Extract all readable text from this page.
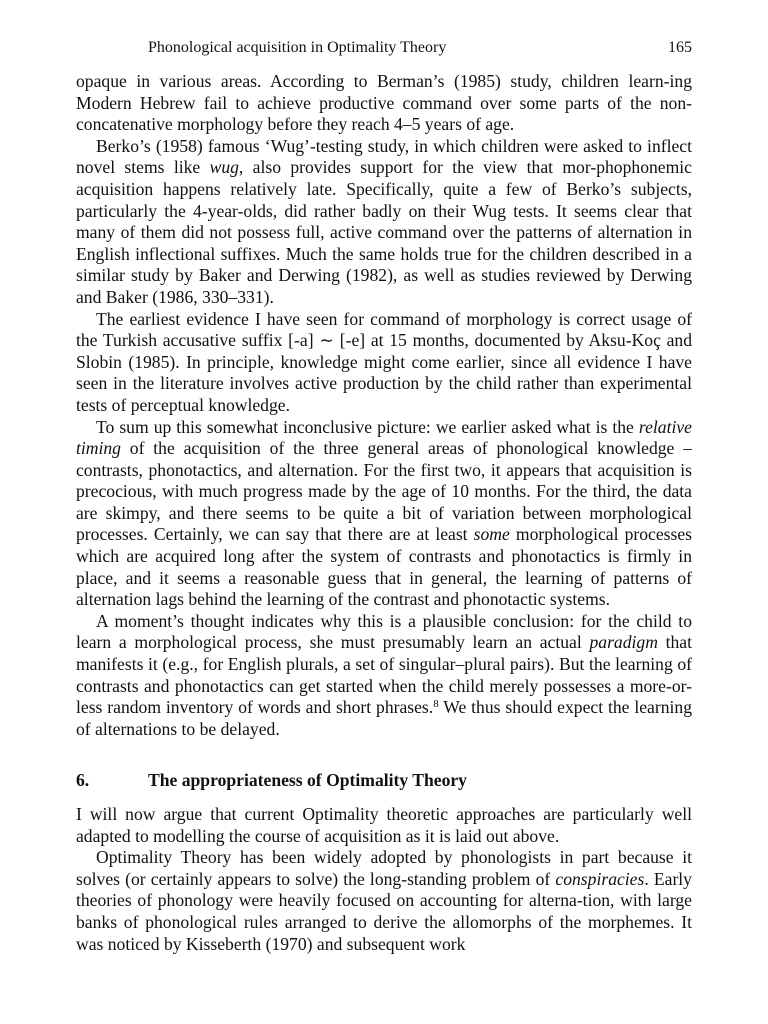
Phonological acquisition in Optimality Theory	165

opaque in various areas. According to Berman’s (1985) study, children learn-ing Modern Hebrew fail to achieve productive command over some parts of the non-concatenative morphology before they reach 4–5 years of age.

Berko’s (1958) famous ‘Wug’-testing study, in which children were asked to inflect novel stems like wug, also provides support for the view that mor-phophonemic acquisition happens relatively late. Specifically, quite a few of Berko’s subjects, particularly the 4-year-olds, did rather badly on their Wug tests. It seems clear that many of them did not possess full, active command over the patterns of alternation in English inflectional suffixes. Much the same holds true for the children described in a similar study by Baker and Derwing (1982), as well as studies reviewed by Derwing and Baker (1986, 330–331).

The earliest evidence I have seen for command of morphology is correct usage of the Turkish accusative suffix [-a] ∼ [-e] at 15 months, documented by Aksu-Koç and Slobin (1985). In principle, knowledge might come earlier, since all evidence I have seen in the literature involves active production by the child rather than experimental tests of perceptual knowledge.

To sum up this somewhat inconclusive picture: we earlier asked what is the relative timing of the acquisition of the three general areas of phonological knowledge – contrasts, phonotactics, and alternation. For the first two, it appears that acquisition is precocious, with much progress made by the age of 10 months. For the third, the data are skimpy, and there seems to be quite a bit of variation between morphological processes. Certainly, we can say that there are at least some morphological processes which are acquired long after the system of contrasts and phonotactics is firmly in place, and it seems a reasonable guess that in general, the learning of patterns of alternation lags behind the learning of the contrast and phonotactic systems.

A moment’s thought indicates why this is a plausible conclusion: for the child to learn a morphological process, she must presumably learn an actual paradigm that manifests it (e.g., for English plurals, a set of singular–plural pairs). But the learning of contrasts and phonotactics can get started when the child merely possesses a more-or-less random inventory of words and short phrases.$^8$ We thus should expect the learning of alternations to be delayed.

6.	The appropriateness of Optimality Theory

I will now argue that current Optimality theoretic approaches are particularly well adapted to modelling the course of acquisition as it is laid out above.

Optimality Theory has been widely adopted by phonologists in part because it solves (or certainly appears to solve) the long-standing problem of conspiracies. Early theories of phonology were heavily focused on accounting for alterna-tion, with large banks of phonological rules arranged to derive the allomorphs of the morphemes. It was noticed by Kisseberth (1970) and subsequent work
